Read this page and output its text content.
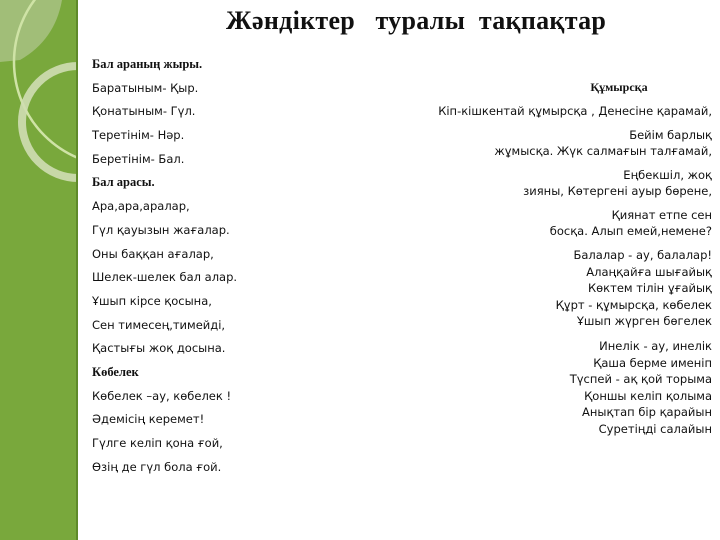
Жәндіктер   туралы  тақпақтар
Бал араның жыры.
Баратыным- Қыр.
Қонатыным- Гүл.
Теретінім- Нәр.
Беретінім- Бал.
Бал арасы.
Ара,ара,аралар,
Гүл қауызын жағалар.
Оны баққан ағалар,
Шелек-шелек бал алар.
Ұшып кірсе қосына,
Сен тимесең,тимейді,
Қастығы жоқ досына.
Көбелек
Көбелек –ау, көбелек !
Әдемісің керемет!
Гүлге келіп қона ғой,
Өзің де гүл бола ғой.
Құмырсқа
Кіп-кішкентай құмырсқа , Денесіне қарамай,
Бейім барлық
жұмысқа. Жүк салмағын талғамай,
Еңбекшіл, жоқ
зияны, Көтергені ауыр бөрене,
Қиянат етпе сен
босқа. Алып емей,немене?
Балалар - ау, балалар!
Алаңқайға шығайық
Көктем тілін ұғайық
Құрт - құмырсқа, көбелек
Ұшып жүрген бөгелек
Инелік - ау, инелік
Қаша берме именіп
Түспей - ақ қой торыма
Қоншы келіп қолыма
Анықтап бір қарайын
Суретіңді салайын
